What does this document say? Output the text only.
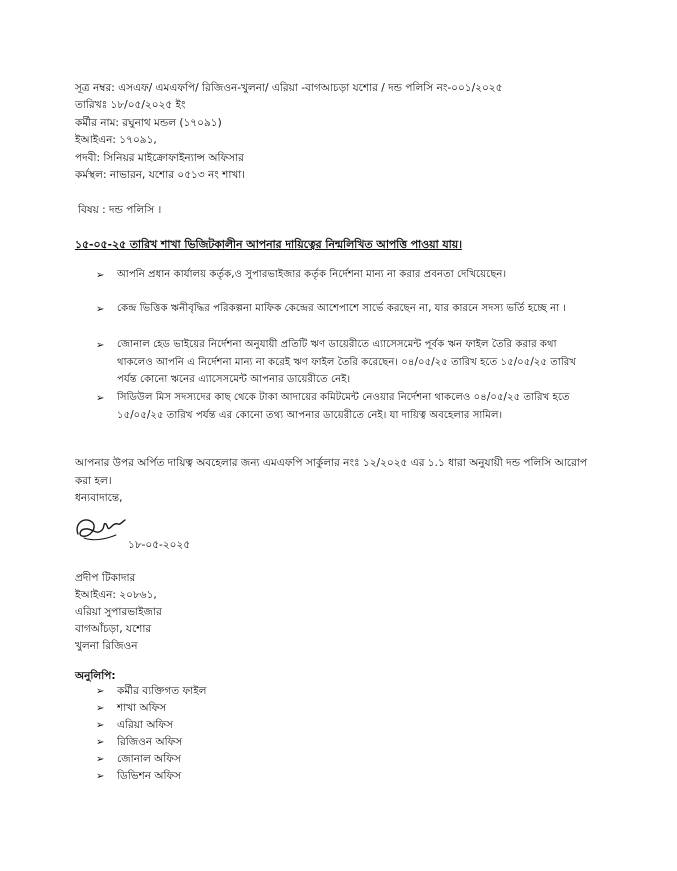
সূত্র নম্বর: এসএফ/ এমএফপি/ রিজিওন-খুলনা/ এরিয়া -বাগআচড়া যশোর / দন্ড পলিসি নং-০০১/২০২৫
তারিখঃ ১৮/০৫/২০২৫ ইং
কর্মীর নাম: রঘুনাথ মন্ডল (১৭০৯১)
ইআইএন: ১৭০৯১,
পদবী: সিনিয়র মাইক্রোফাইন্যান্স অফিসার
কর্মস্থল: নাভারন, যশোর ০৫১৩ নং শাখা।
বিষয় : দন্ড পলিসি ।
১৫-০৫-২৫ তারিখ শাখা ভিজিটকালীন আপনার দায়িত্বের নিন্মলিখিত আপত্তি পাওয়া যায়।
➢ আপনি প্রধান কার্যালয় কর্তৃক,ও সুপারভাইজার কর্তৃক নির্দেশনা মান্য না করার প্রবনতা দেখিয়েছেন।
➢ কেন্দ্র ভিত্তিক ঋনীবৃদ্ধির পরিকল্পনা মাফিক কেন্দ্রের আশেপাশে সার্ভে করছেন না, যার কারনে সদস্য ভর্তি হচ্ছে না ।
➢ জোনাল হেড ভাইয়ের নির্দেশনা অনুযায়ী প্রতিটি ঋণ ডায়েরীতে এ্যাসেসমেন্ট পূর্বক ঋন ফাইল তৈরি করার কথা থাকলেও আপনি এ নির্দেশনা মান্য না করেই ঋণ ফাইল তৈরি করেছেন। ০৪/০৫/২৫ তারিখ হতে ১৫/০৫/২৫ তারিখ পর্যন্ত কোনো ঋনের এ্যাসেসমেন্ট আপনার ডায়েরীতে নেই।
➢ সিডিউল মিস সদস্যদের কাছ থেকে টাকা আদায়ের কমিটমেন্ট নেওয়ার নির্দেশনা থাকলেও ০৪/০৫/২৫ তারিখ হতে ১৫/০৫/২৫ তারিখ পর্যন্ত এর কোনো তথ্য আপনার ডায়েরীতে নেই। যা দায়িত্ব অবহেলার সামিল।
আপনার উপর অর্পিত দায়িত্ব অবহেলার জন্য এমএফপি সার্কুলার নংঃ ১২/২০২৫ এর ১.১ ধারা অনুযায়ী দন্ড পলিসি আরোপ করা হল।
ধন্যবাদান্তে,
১৮-০৫-২০২৫
প্রদীপ টিকাদার
ইআইএন: ২০৮৬১,
এরিয়া সুপারভাইজার
বাগআঁচড়া, যশোর
খুলনা রিজিওন
অনুলিপি:
➢ কর্মীর ব্যক্তিগত ফাইল
➢ শাখা অফিস
➢ এরিয়া অফিস
➢ রিজিওন অফিস
➢ জোনাল অফিস
➢ ডিভিশন অফিস
